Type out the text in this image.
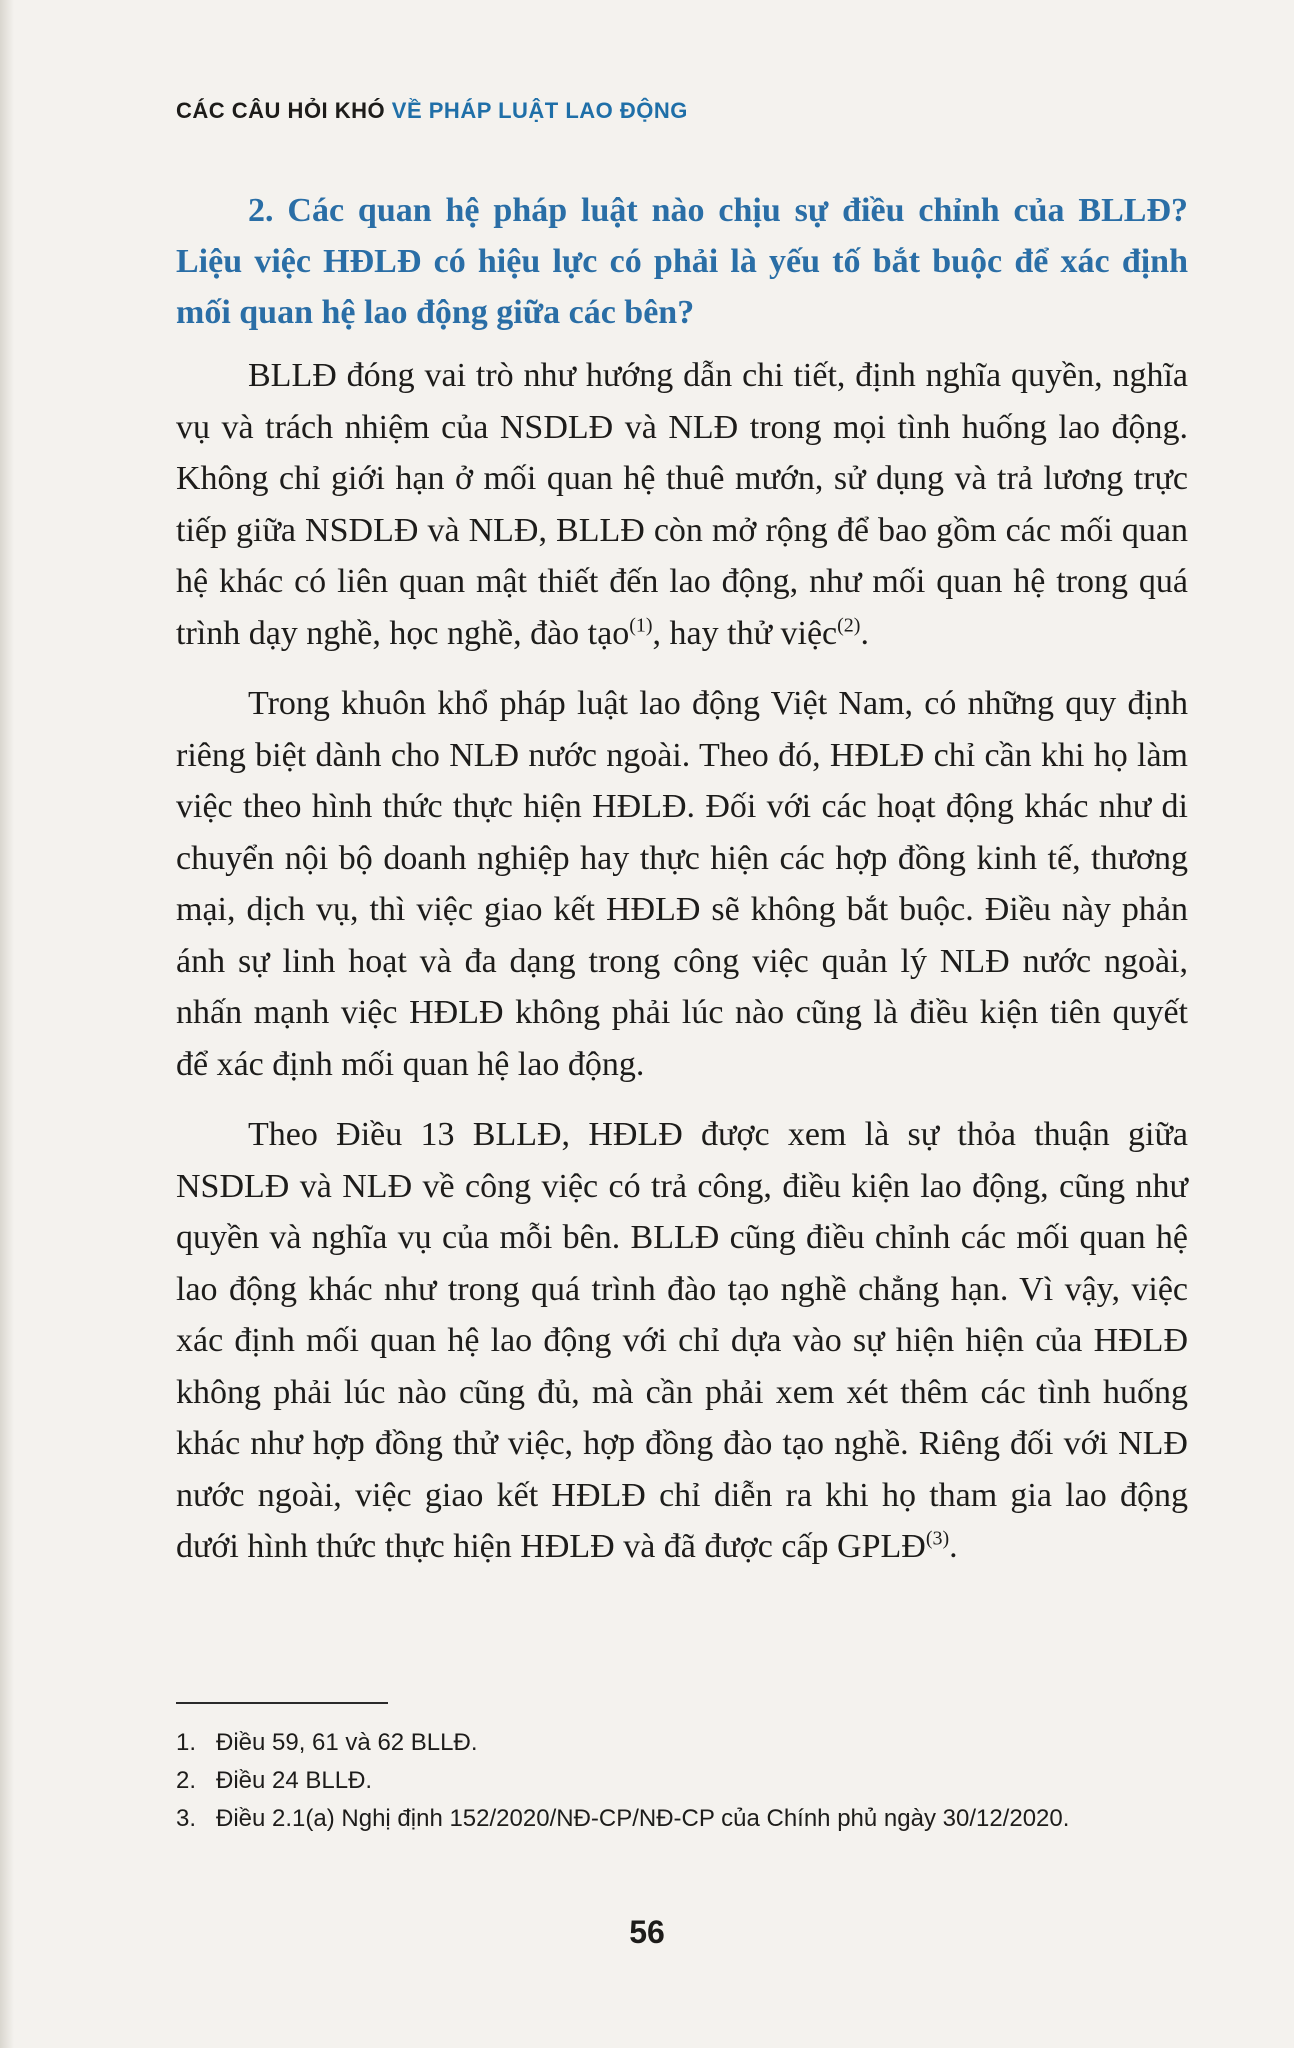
CÁC CÂU HỎI KHÓ VỀ PHÁP LUẬT LAO ĐỘNG
2. Các quan hệ pháp luật nào chịu sự điều chỉnh của BLLĐ? Liệu việc HĐLĐ có hiệu lực có phải là yếu tố bắt buộc để xác định mối quan hệ lao động giữa các bên?

BLLĐ đóng vai trò như hướng dẫn chi tiết, định nghĩa quyền, nghĩa vụ và trách nhiệm của NSDLĐ và NLĐ trong mọi tình huống lao động. Không chỉ giới hạn ở mối quan hệ thuê mướn, sử dụng và trả lương trực tiếp giữa NSDLĐ và NLĐ, BLLĐ còn mở rộng để bao gồm các mối quan hệ khác có liên quan mật thiết đến lao động, như mối quan hệ trong quá trình dạy nghề, học nghề, đào tạo$^{(1)}$, hay thử việc$^{(2)}$.

Trong khuôn khổ pháp luật lao động Việt Nam, có những quy định riêng biệt dành cho NLĐ nước ngoài. Theo đó, HĐLĐ chỉ cần khi họ làm việc theo hình thức thực hiện HĐLĐ. Đối với các hoạt động khác như di chuyển nội bộ doanh nghiệp hay thực hiện các hợp đồng kinh tế, thương mại, dịch vụ, thì việc giao kết HĐLĐ sẽ không bắt buộc. Điều này phản ánh sự linh hoạt và đa dạng trong công việc quản lý NLĐ nước ngoài, nhấn mạnh việc HĐLĐ không phải lúc nào cũng là điều kiện tiên quyết để xác định mối quan hệ lao động.

Theo Điều 13 BLLĐ, HĐLĐ được xem là sự thỏa thuận giữa NSDLĐ và NLĐ về công việc có trả công, điều kiện lao động, cũng như quyền và nghĩa vụ của mỗi bên. BLLĐ cũng điều chỉnh các mối quan hệ lao động khác như trong quá trình đào tạo nghề chẳng hạn. Vì vậy, việc xác định mối quan hệ lao động với chỉ dựa vào sự hiện hiện của HĐLĐ không phải lúc nào cũng đủ, mà cần phải xem xét thêm các tình huống khác như hợp đồng thử việc, hợp đồng đào tạo nghề. Riêng đối với NLĐ nước ngoài, việc giao kết HĐLĐ chỉ diễn ra khi họ tham gia lao động dưới hình thức thực hiện HĐLĐ và đã được cấp GPLĐ$^{(3)}$.

1. Điều 59, 61 và 62 BLLĐ.
2. Điều 24 BLLĐ.
3. Điều 2.1(a) Nghị định 152/2020/NĐ-CP/NĐ-CP của Chính phủ ngày 30/12/2020.
56
